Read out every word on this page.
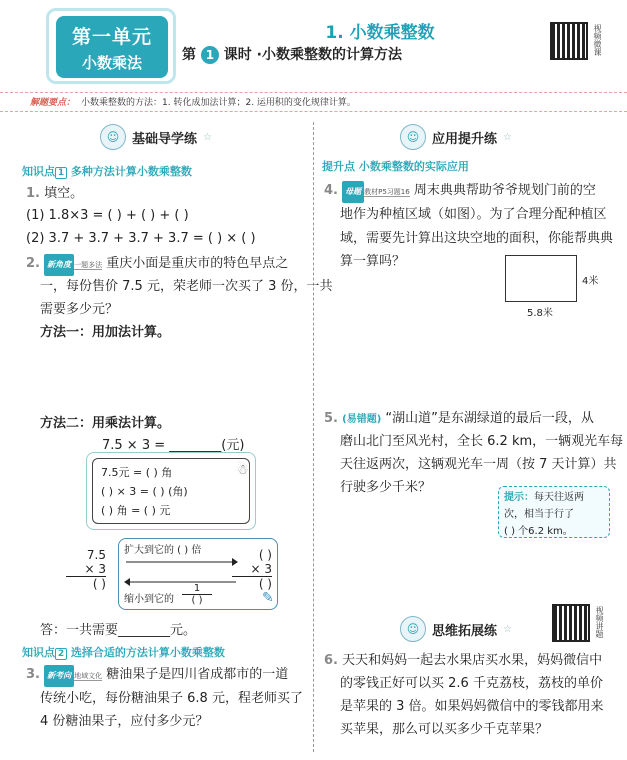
第一单元
小数乘法
1. 小数乘整数
第 1 课时 ·小数乘整数的计算方法	视频微课
解题要点： 小数乘整数的方法：1. 转化成加法计算；2. 运用积的变化规律计算。
☺ 基础导学练 ☆
知识点 1 多种方法计算小数乘整数
1. 填空。
(1) 1.8×3 = ( ) + ( ) + ( )
(2) 3.7 + 3.7 + 3.7 + 3.7 = ( ) × ( )
2. 新角度 一题多法 重庆小面是重庆市的特色早点之
一，每份售价 7.5 元，荣老师一次买了 3 份，一共
需要多少元？
方法一：用加法计算。
方法二：用乘法计算。
7.5 × 3 = ________(元)
7.5元 = ( ) 角
( ) × 3 = ( ) (角)
( ) 角 = ( ) 元
☃
7.5
× 3
( )
扩大到它的 ( ) 倍
缩小到它的
1
( )
( )
× 3
( )
✎
答：一共需要________元。
知识点 2 选择合适的方法计算小数乘整数
3. 新考向 地域文化 糖油果子是四川省成都市的一道
传统小吃，每份糖油果子 6.8 元，程老师买了
4 份糖油果子，应付多少元？
☺ 应用提升练 ☆
提升点 小数乘整数的实际应用
4. 母题 教材P5习题16 周末典典帮助爷爷规划门前的空
地作为种植区域（如图）。为了合理分配种植区
域，需要先计算出这块空地的面积，你能帮典典
算一算吗？
4米
5.8米
5. (易错题) “湖山道”是东湖绿道的最后一段，从
磨山北门至风光村，全长 6.2 km，一辆观光车每
天往返两次，这辆观光车一周（按 7 天计算）共
行驶多少千米？
提示：每天往返两
次，相当于行了
( ) 个6.2 km。
☺ 思维拓展练 ☆	视频讲题
6. 天天和妈妈一起去水果店买水果，妈妈微信中
的零钱正好可以买 2.6 千克荔枝，荔枝的单价
是苹果的 3 倍。如果妈妈微信中的零钱都用来
买苹果，那么可以买多少千克苹果？
